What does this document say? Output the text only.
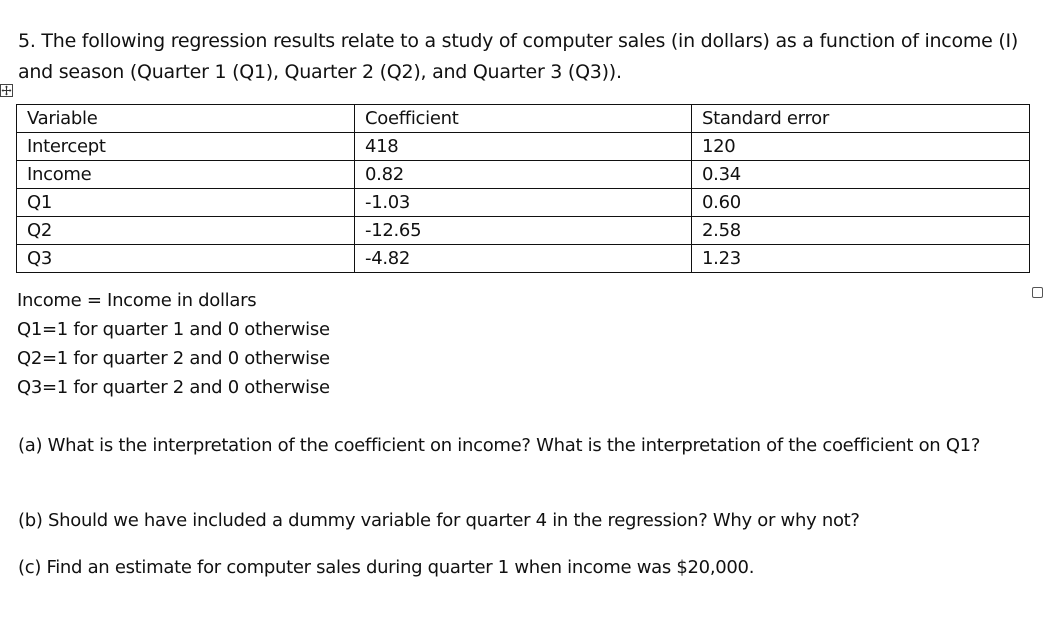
5. The following regression results relate to a study of computer sales (in dollars) as a function of income (I) and season (Quarter 1 (Q1), Quarter 2 (Q2), and Quarter 3 (Q3)).
Variable	Coefficient	Standard error
Intercept	418	120
Income	0.82	0.34
Q1	-1.03	0.60
Q2	-12.65	2.58
Q3	-4.82	1.23
Income = Income in dollars
Q1=1 for quarter 1 and 0 otherwise
Q2=1 for quarter 2 and 0 otherwise
Q3=1 for quarter 2 and 0 otherwise
(a) What is the interpretation of the coefficient on income? What is the interpretation of the coefficient on Q1?
(b) Should we have included a dummy variable for quarter 4 in the regression? Why or why not?
(c) Find an estimate for computer sales during quarter 1 when income was $20,000.
